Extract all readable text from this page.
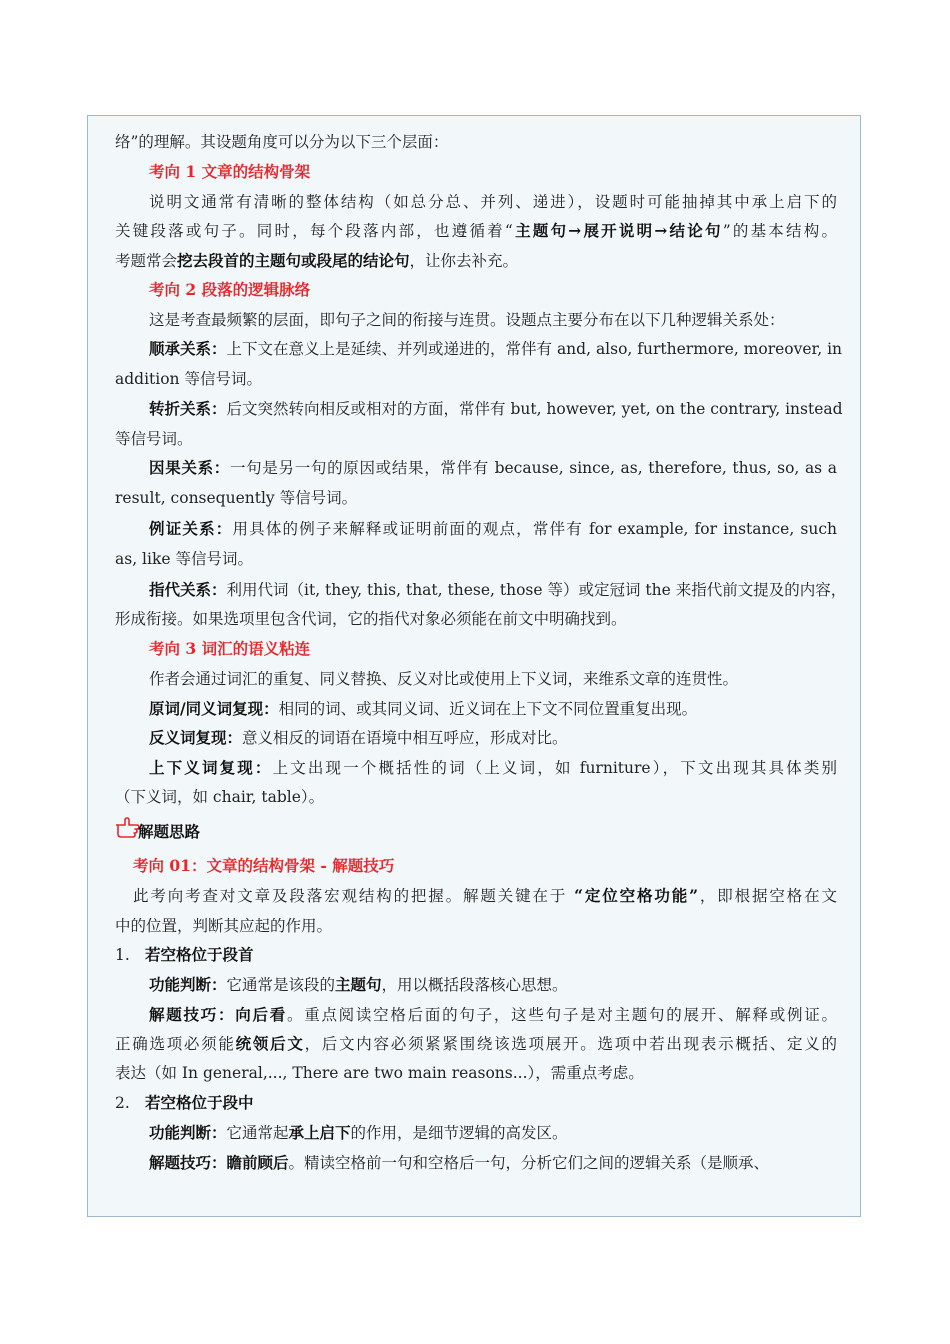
络”的理解。其设题角度可以分为以下三个层面：

考向 1 文章的结构骨架

说明文通常有清晰的整体结构（如总分总、并列、递进），设题时可能抽掉其中承上启下的

关键段落或句子。同时，每个段落内部，也遵循着“主题句→展开说明→结论句”的基本结构。

考题常会挖去段首的主题句或段尾的结论句，让你去补充。

考向 2 段落的逻辑脉络

这是考查最频繁的层面，即句子之间的衔接与连贯。设题点主要分布在以下几种逻辑关系处：

顺承关系：上下文在意义上是延续、并列或递进的，常伴有 and, also, furthermore, moreover, in

addition 等信号词。

转折关系：后文突然转向相反或相对的方面，常伴有 but, however, yet, on the contrary, instead

等信号词。

因果关系：一句是另一句的原因或结果，常伴有 because, since, as, therefore, thus, so, as a

result, consequently 等信号词。

例证关系：用具体的例子来解释或证明前面的观点，常伴有 for example, for instance, such

as, like 等信号词。

指代关系：利用代词（it, they, this, that, these, those 等）或定冠词 the 来指代前文提及的内容，

形成衔接。如果选项里包含代词，它的指代对象必须能在前文中明确找到。

考向 3 词汇的语义粘连

作者会通过词汇的重复、同义替换、反义对比或使用上下义词，来维系文章的连贯性。

原词/同义词复现：相同的词、或其同义词、近义词在上下文不同位置重复出现。

反义词复现：意义相反的词语在语境中相互呼应，形成对比。

上下义词复现：上文出现一个概括性的词（上义词，如 furniture），下文出现其具体类别

（下义词，如 chair, table）。

解题思路

考向 01：文章的结构骨架 - 解题技巧

此考向考查对文章及段落宏观结构的把握。解题关键在于 “定位空格功能”，即根据空格在文

中的位置，判断其应起的作用。

1. 若空格位于段首

功能判断：它通常是该段的主题句，用以概括段落核心思想。

解题技巧：向后看。重点阅读空格后面的句子，这些句子是对主题句的展开、解释或例证。

正确选项必须能统领后文，后文内容必须紧紧围绕该选项展开。选项中若出现表示概括、定义的

表达（如 In general,..., There are two main reasons...），需重点考虑。

2. 若空格位于段中

功能判断：它通常起承上启下的作用，是细节逻辑的高发区。

解题技巧：瞻前顾后。精读空格前一句和空格后一句，分析它们之间的逻辑关系（是顺承、
